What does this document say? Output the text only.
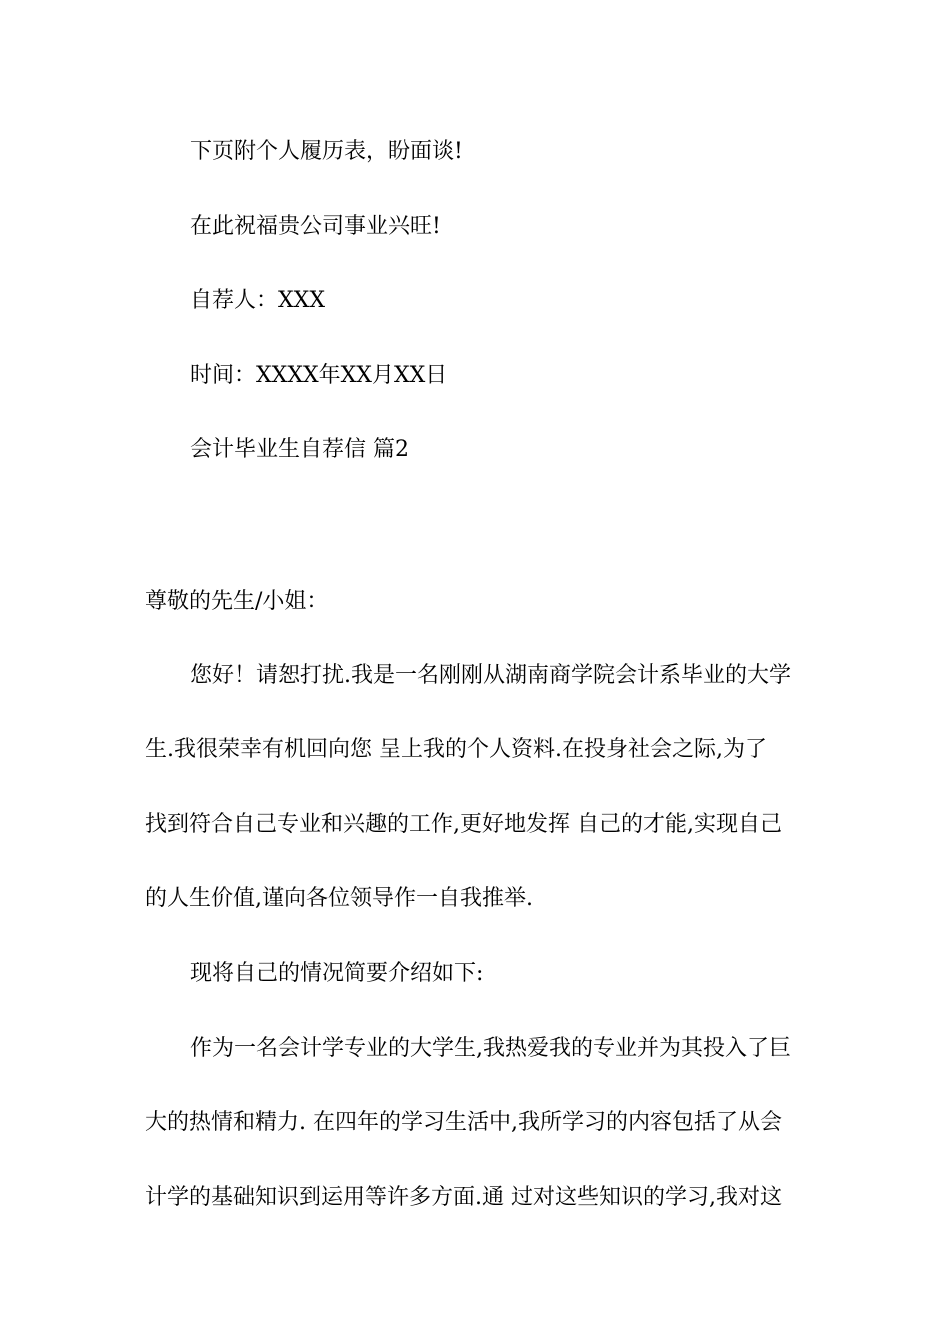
下页附个人履历表，盼面谈!
在此祝福贵公司事业兴旺!
自荐人：XXX
时间：XXXX年XX月XX日
会计毕业生自荐信 篇2
尊敬的先生/小姐：
您好！请恕打扰.我是一名刚刚从湖南商学院会计系毕业的大学
生.我很荣幸有机回向您 呈上我的个人资料.在投身社会之际,为了
找到符合自己专业和兴趣的工作,更好地发挥 自己的才能,实现自己
的人生价值,谨向各位领导作一自我推举.
现将自己的情况简要介绍如下:
作为一名会计学专业的大学生,我热爱我的专业并为其投入了巨
大的热情和精力. 在四年的学习生活中,我所学习的内容包括了从会
计学的基础知识到运用等许多方面.通 过对这些知识的学习,我对这
